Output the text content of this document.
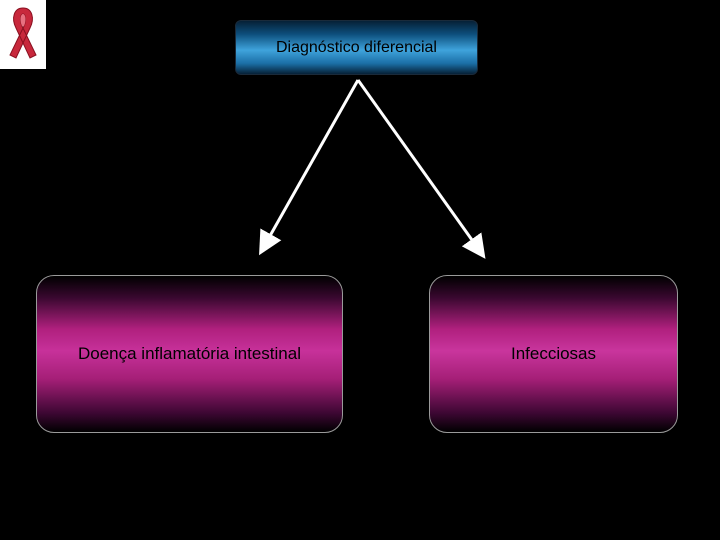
Diagnóstico diferencial
Doença inflamatória intestinal	Infecciosas
